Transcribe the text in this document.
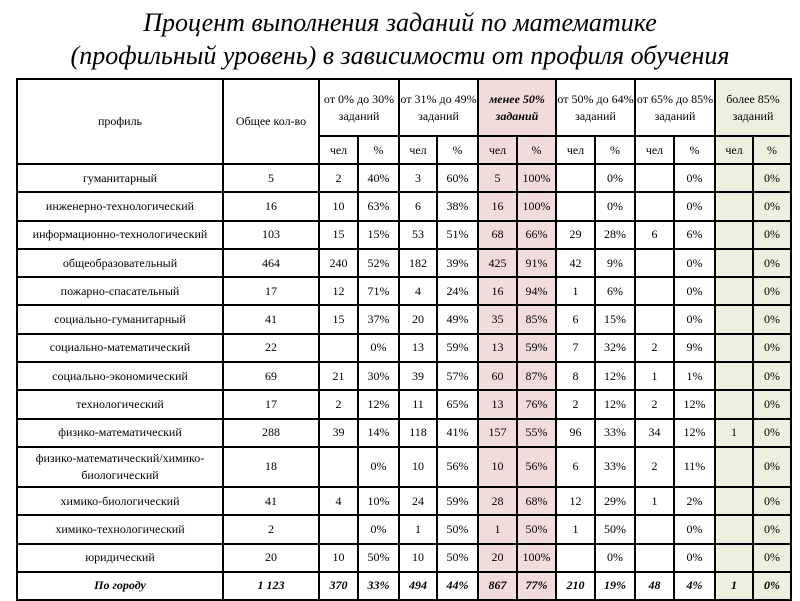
Процент выполнения заданий по математике
(профильный уровень) в зависимости от профиля обучения
профиль	Общее кол-во	от 0% до 30% заданий		от 31% до 49% заданий		менее 50% заданий		от 50% до 64% заданий		от 65% до 85% заданий		более 85% заданий	
		чел	%	чел	%	чел	%	чел	%	чел	%	чел	%
гуманитарный	5	2	40%	3	60%	5	100%		0%		0%		0%
инженерно-технологический	16	10	63%	6	38%	16	100%		0%		0%		0%
информационно-технологический	103	15	15%	53	51%	68	66%	29	28%	6	6%		0%
общеобразовательный	464	240	52%	182	39%	425	91%	42	9%		0%		0%
пожарно-спасательный	17	12	71%	4	24%	16	94%	1	6%		0%		0%
социально-гуманитарный	41	15	37%	20	49%	35	85%	6	15%		0%		0%
социально-математический	22		0%	13	59%	13	59%	7	32%	2	9%		0%
социально-экономический	69	21	30%	39	57%	60	87%	8	12%	1	1%		0%
технологический	17	2	12%	11	65%	13	76%	2	12%	2	12%		0%
физико-математический	288	39	14%	118	41%	157	55%	96	33%	34	12%	1	0%
физико-математический/химико-биологический	18		0%	10	56%	10	56%	6	33%	2	11%		0%
химико-биологический	41	4	10%	24	59%	28	68%	12	29%	1	2%		0%
химико-технологический	2		0%	1	50%	1	50%	1	50%		0%		0%
юридический	20	10	50%	10	50%	20	100%		0%		0%		0%
По городу	1 123	370	33%	494	44%	867	77%	210	19%	48	4%	1	0%
